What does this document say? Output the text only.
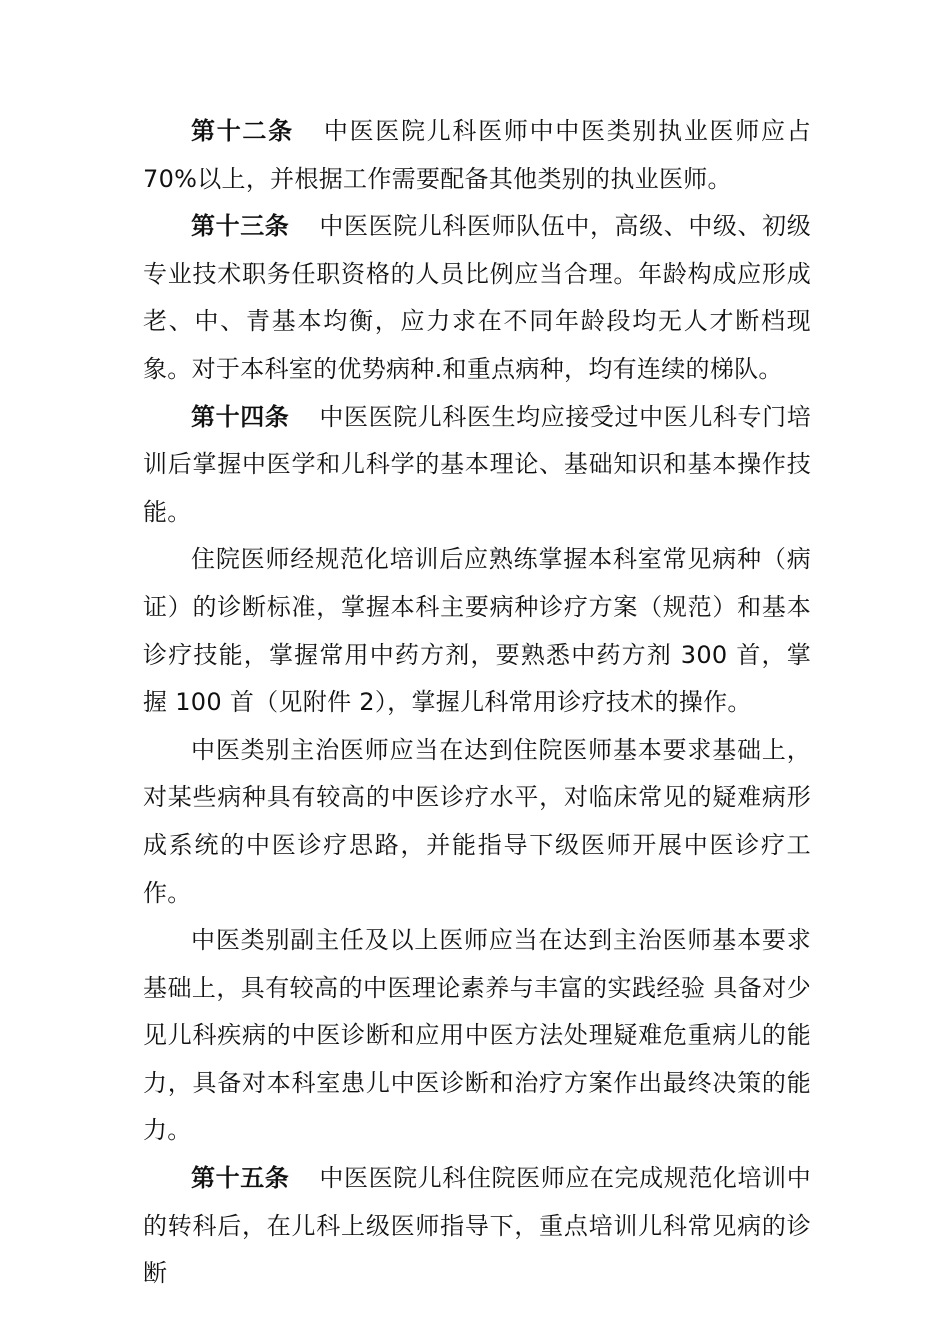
第十二条 中医医院儿科医师中中医类别执业医师应占70%以上，并根据工作需要配备其他类别的执业医师。

第十三条 中医医院儿科医师队伍中，高级、中级、初级专业技术职务任职资格的人员比例应当合理。年龄构成应形成老、中、青基本均衡，应力求在不同年龄段均无人才断档现象。对于本科室的优势病种.和重点病种，均有连续的梯队。

第十四条 中医医院儿科医生均应接受过中医儿科专门培训后掌握中医学和儿科学的基本理论、基础知识和基本操作技能。

住院医师经规范化培训后应熟练掌握本科室常见病种（病证）的诊断标准，掌握本科主要病种诊疗方案（规范）和基本诊疗技能，掌握常用中药方剂，要熟悉中药方剂 300 首，掌握 100 首（见附件 2），掌握儿科常用诊疗技术的操作。

中医类别主治医师应当在达到住院医师基本要求基础上，对某些病种具有较高的中医诊疗水平，对临床常见的疑难病形成系统的中医诊疗思路，并能指导下级医师开展中医诊疗工作。

中医类别副主任及以上医师应当在达到主治医师基本要求基础上，具有较高的中医理论素养与丰富的实践经验 具备对少见儿科疾病的中医诊断和应用中医方法处理疑难危重病儿的能力，具备对本科室患儿中医诊断和治疗方案作出最终决策的能力。

第十五条 中医医院儿科住院医师应在完成规范化培训中的转科后，在儿科上级医师指导下，重点培训儿科常见病的诊断
